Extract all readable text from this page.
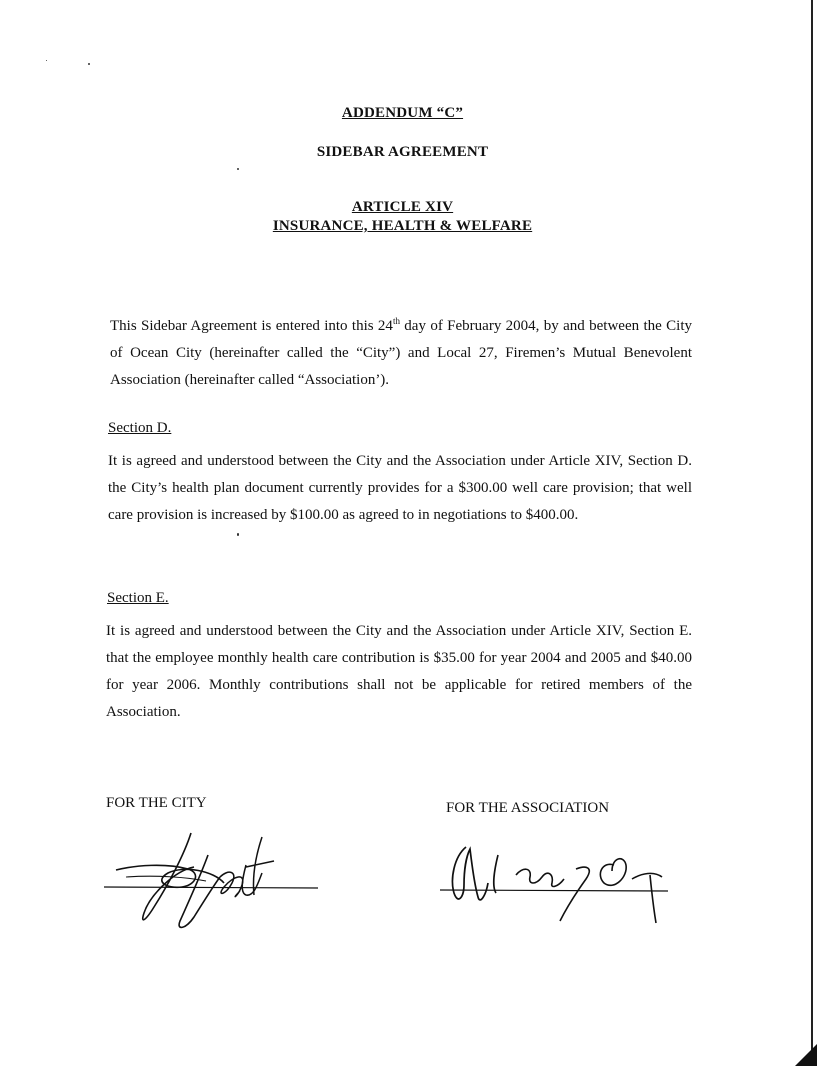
ADDENDUM “C”
SIDEBAR AGREEMENT
ARTICLE XIV
INSURANCE, HEALTH & WELFARE
This Sidebar Agreement is entered into this 24th day of February 2004, by and between the City of Ocean City (hereinafter called the “City”) and Local 27, Firemen’s Mutual Benevolent Association (hereinafter called “Association’).
Section D.
It is agreed and understood between the City and the Association under Article XIV, Section D. the City’s health plan document currently provides for a $300.00 well care provision; that well care provision is increased by $100.00 as agreed to in negotiations to $400.00.
Section E.
It is agreed and understood between the City and the Association under Article XIV, Section E. that the employee monthly health care contribution is $35.00 for year 2004 and 2005 and $40.00 for year 2006. Monthly contributions shall not be applicable for retired members of the Association.
FOR THE CITY	FOR THE ASSOCIATION
